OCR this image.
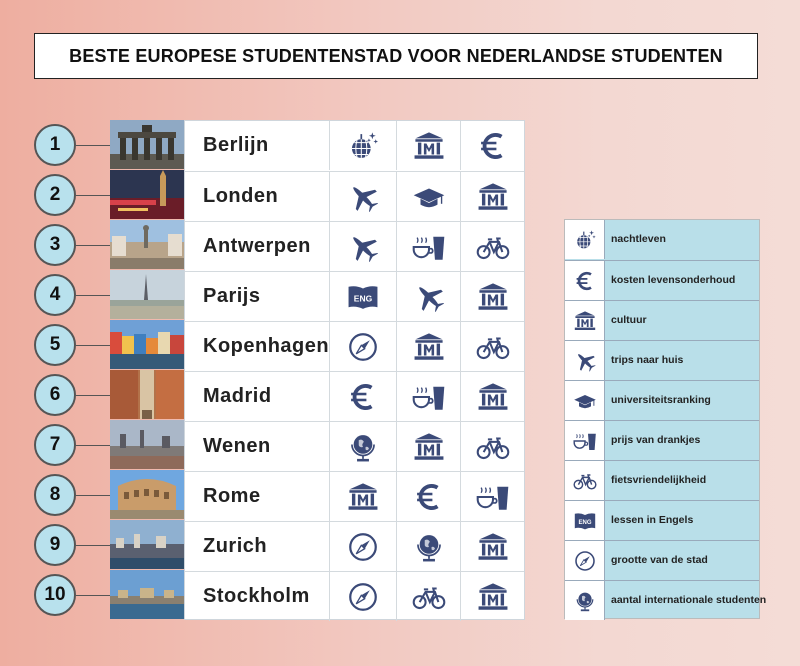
BESTE EUROPESE STUDENTENSTAD VOOR NEDERLANDSE STUDENTEN
Berlijn
Londen
Antwerpen
Parijs	ENG
Kopenhagen
Madrid
Wenen
Rome
Zurich
Stockholm
nachtleven
kosten levensonderhoud
cultuur
trips naar huis
universiteitsranking
prijs van drankjes
fietsvriendelijkheid
ENG lessen in Engels
grootte van de stad
aantal internationale studenten
1
2
3
4
5
6
7
8
9
10
